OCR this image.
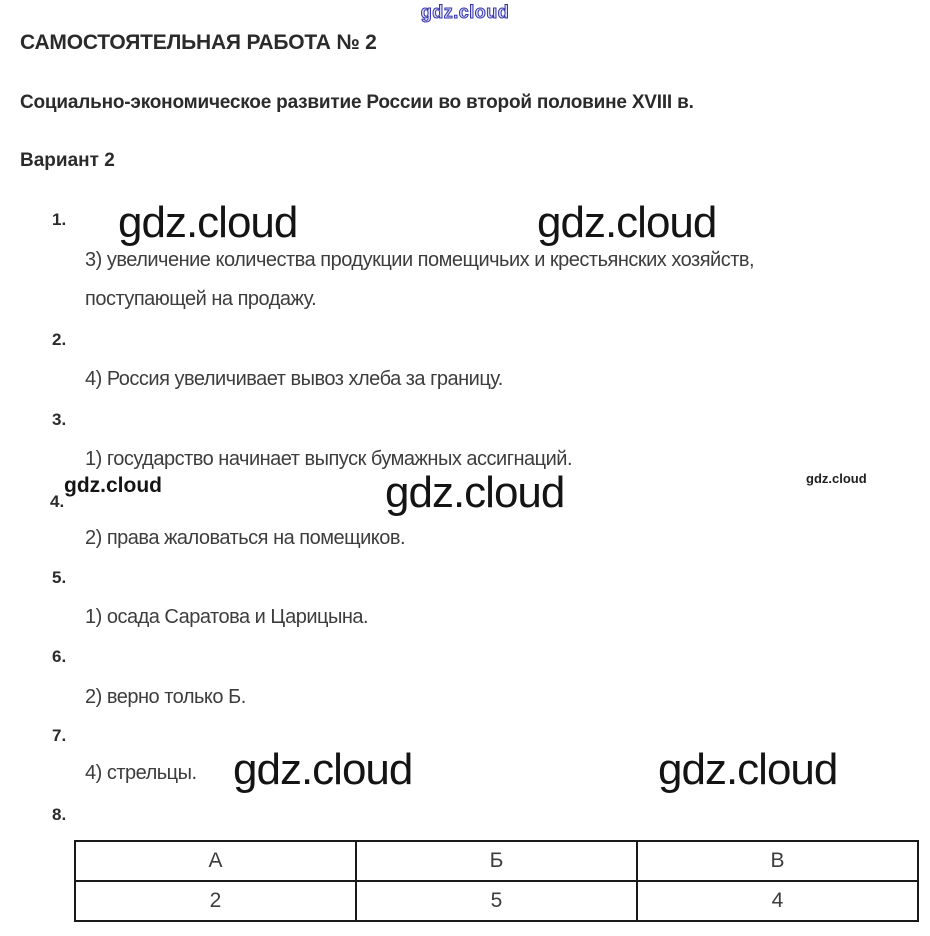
gdz.cloud
САМОСТОЯТЕЛЬНАЯ РАБОТА № 2
Социально-экономическое развитие России во второй половине XVIII в.
Вариант 2
1. gdz.cloud	gdz.cloud
3) увеличение количества продукции помещичьих и крестьянских хозяйств,
поступающей на продажу.
2.
4) Россия увеличивает вывоз хлеба за границу.
3.
1) государство начинает выпуск бумажных ассигнаций.
gdz.cloud	gdz.cloud	gdz.cloud
4.
2) права жаловаться на помещиков.
5.
1) осада Саратова и Царицына.
6.
2) верно только Б.
7.
4) стрельцы. gdz.cloud	gdz.cloud
8.
А	Б	В
2	5	4
